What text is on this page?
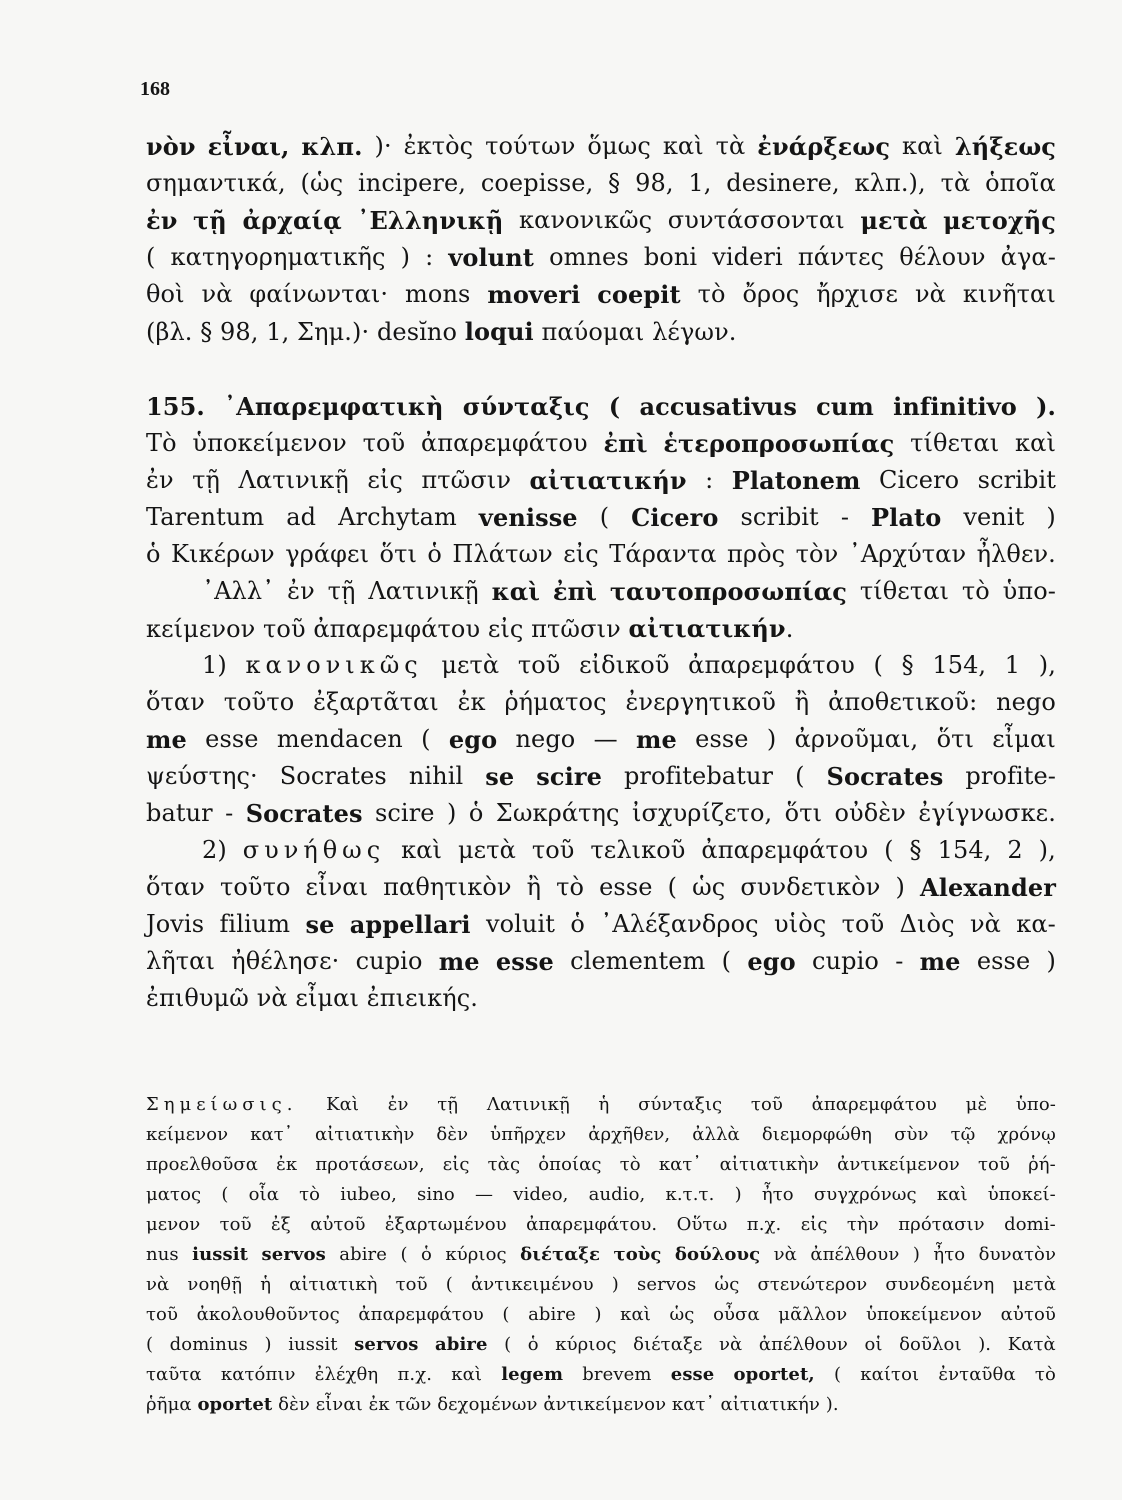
168
νὸν εἶναι, κλπ. )· ἐκτὸς τούτων ὅμως καὶ τὰ ἐνάρξεως καὶ λήξεως
σημαντικά, (ὡς incipere, coepisse, § 98, 1, desinere, κλπ.), τὰ ὁποῖα
ἐν τῇ ἀρχαίᾳ ᾿Ελληνικῇ κανονικῶς συντάσσονται μετὰ μετοχῆς
( κατηγορηματικῆς ) : volunt omnes boni videri πάντες θέλουν ἀγα-
θοὶ νὰ φαίνωνται· mons moveri coepit τὸ ὄρος ἤρχισε νὰ κινῆται
(βλ. § 98, 1, Σημ.)· desĭno loqui παύομαι λέγων.
155. ᾿Απαρεμφατικὴ σύνταξις ( accusativus cum infinitivo ).
Τὸ ὑποκείμενον τοῦ ἀπαρεμφάτου ἐπὶ ἑτεροπροσωπίας τίθεται καὶ
ἐν τῇ Λατινικῇ εἰς πτῶσιν αἰτιατικήν : Platonem Cicero scribit
Tarentum ad Archytam venisse ( Cicero scribit - Plato venit )
ὁ Κικέρων γράφει ὅτι ὁ Πλάτων εἰς Τάραντα πρὸς τὸν ᾿Αρχύταν ἦλθεν.
᾿Αλλ᾿ ἐν τῇ Λατινικῇ καὶ ἐπὶ ταυτοπροσωπίας τίθεται τὸ ὑπο-
κείμενον τοῦ ἀπαρεμφάτου εἰς πτῶσιν αἰτιατικήν.
1) κανονικῶς μετὰ τοῦ εἰδικοῦ ἀπαρεμφάτου ( § 154, 1 ),
ὅταν τοῦτο ἐξαρτᾶται ἐκ ῥήματος ἐνεργητικοῦ ἢ ἀποθετικοῦ: nego
me esse mendacen ( ego nego — me esse ) ἀρνοῦμαι, ὅτι εἶμαι
ψεύστης· Socrates nihil se scire profitebatur ( Socrates profite-
batur - Socrates scire ) ὁ Σωκράτης ἰσχυρίζετο, ὅτι οὐδὲν ἐγίγνωσκε.
2) συνήθως καὶ μετὰ τοῦ τελικοῦ ἀπαρεμφάτου ( § 154, 2 ),
ὅταν τοῦτο εἶναι παθητικὸν ἢ τὸ esse ( ὡς συνδετικὸν ) Alexander
Jovis filium se appellari voluit ὁ ᾿Αλέξανδρος υἱὸς τοῦ Διὸς νὰ κα-
λῆται ἠθέλησε· cupio me esse clementem ( ego cupio - me esse )
ἐπιθυμῶ νὰ εἶμαι ἐπιεικής.
Σημείωσις. Καὶ ἐν τῇ Λατινικῇ ἡ σύνταξις τοῦ ἀπαρεμφάτου μὲ ὑπο-
κείμενον κατ᾿ αἰτιατικὴν δὲν ὑπῆρχεν ἀρχῆθεν, ἀλλὰ διεμορφώθη σὺν τῷ χρόνῳ
προελθοῦσα ἐκ προτάσεων, εἰς τὰς ὁποίας τὸ κατ᾿ αἰτιατικὴν ἀντικείμενον τοῦ ῥή-
ματος ( οἷα τὸ iubeo, sino — video, audio, κ.τ.τ. ) ἦτο συγχρόνως καὶ ὑποκεί-
μενον τοῦ ἐξ αὐτοῦ ἐξαρτωμένου ἀπαρεμφάτου. Οὕτω π.χ. εἰς τὴν πρότασιν domi-
nus iussit servos abire ( ὁ κύριος διέταξε τοὺς δούλους νὰ ἀπέλθουν ) ἦτο δυνατὸν
νὰ νοηθῇ ἡ αἰτιατικὴ τοῦ ( ἀντικειμένου ) servos ὡς στενώτερον συνδεομένη μετὰ
τοῦ ἀκολουθοῦντος ἀπαρεμφάτου ( abire ) καὶ ὡς οὖσα μᾶλλον ὑποκείμενον αὐτοῦ
( dominus ) iussit servos abire ( ὁ κύριος διέταξε νὰ ἀπέλθουν οἱ δοῦλοι ). Κατὰ
ταῦτα κατόπιν ἐλέχθη π.χ. καὶ legem brevem esse oportet, ( καίτοι ἐνταῦθα τὸ
ῥῆμα oportet δὲν εἶναι ἐκ τῶν δεχομένων ἀντικείμενον κατ᾿ αἰτιατικήν ).
